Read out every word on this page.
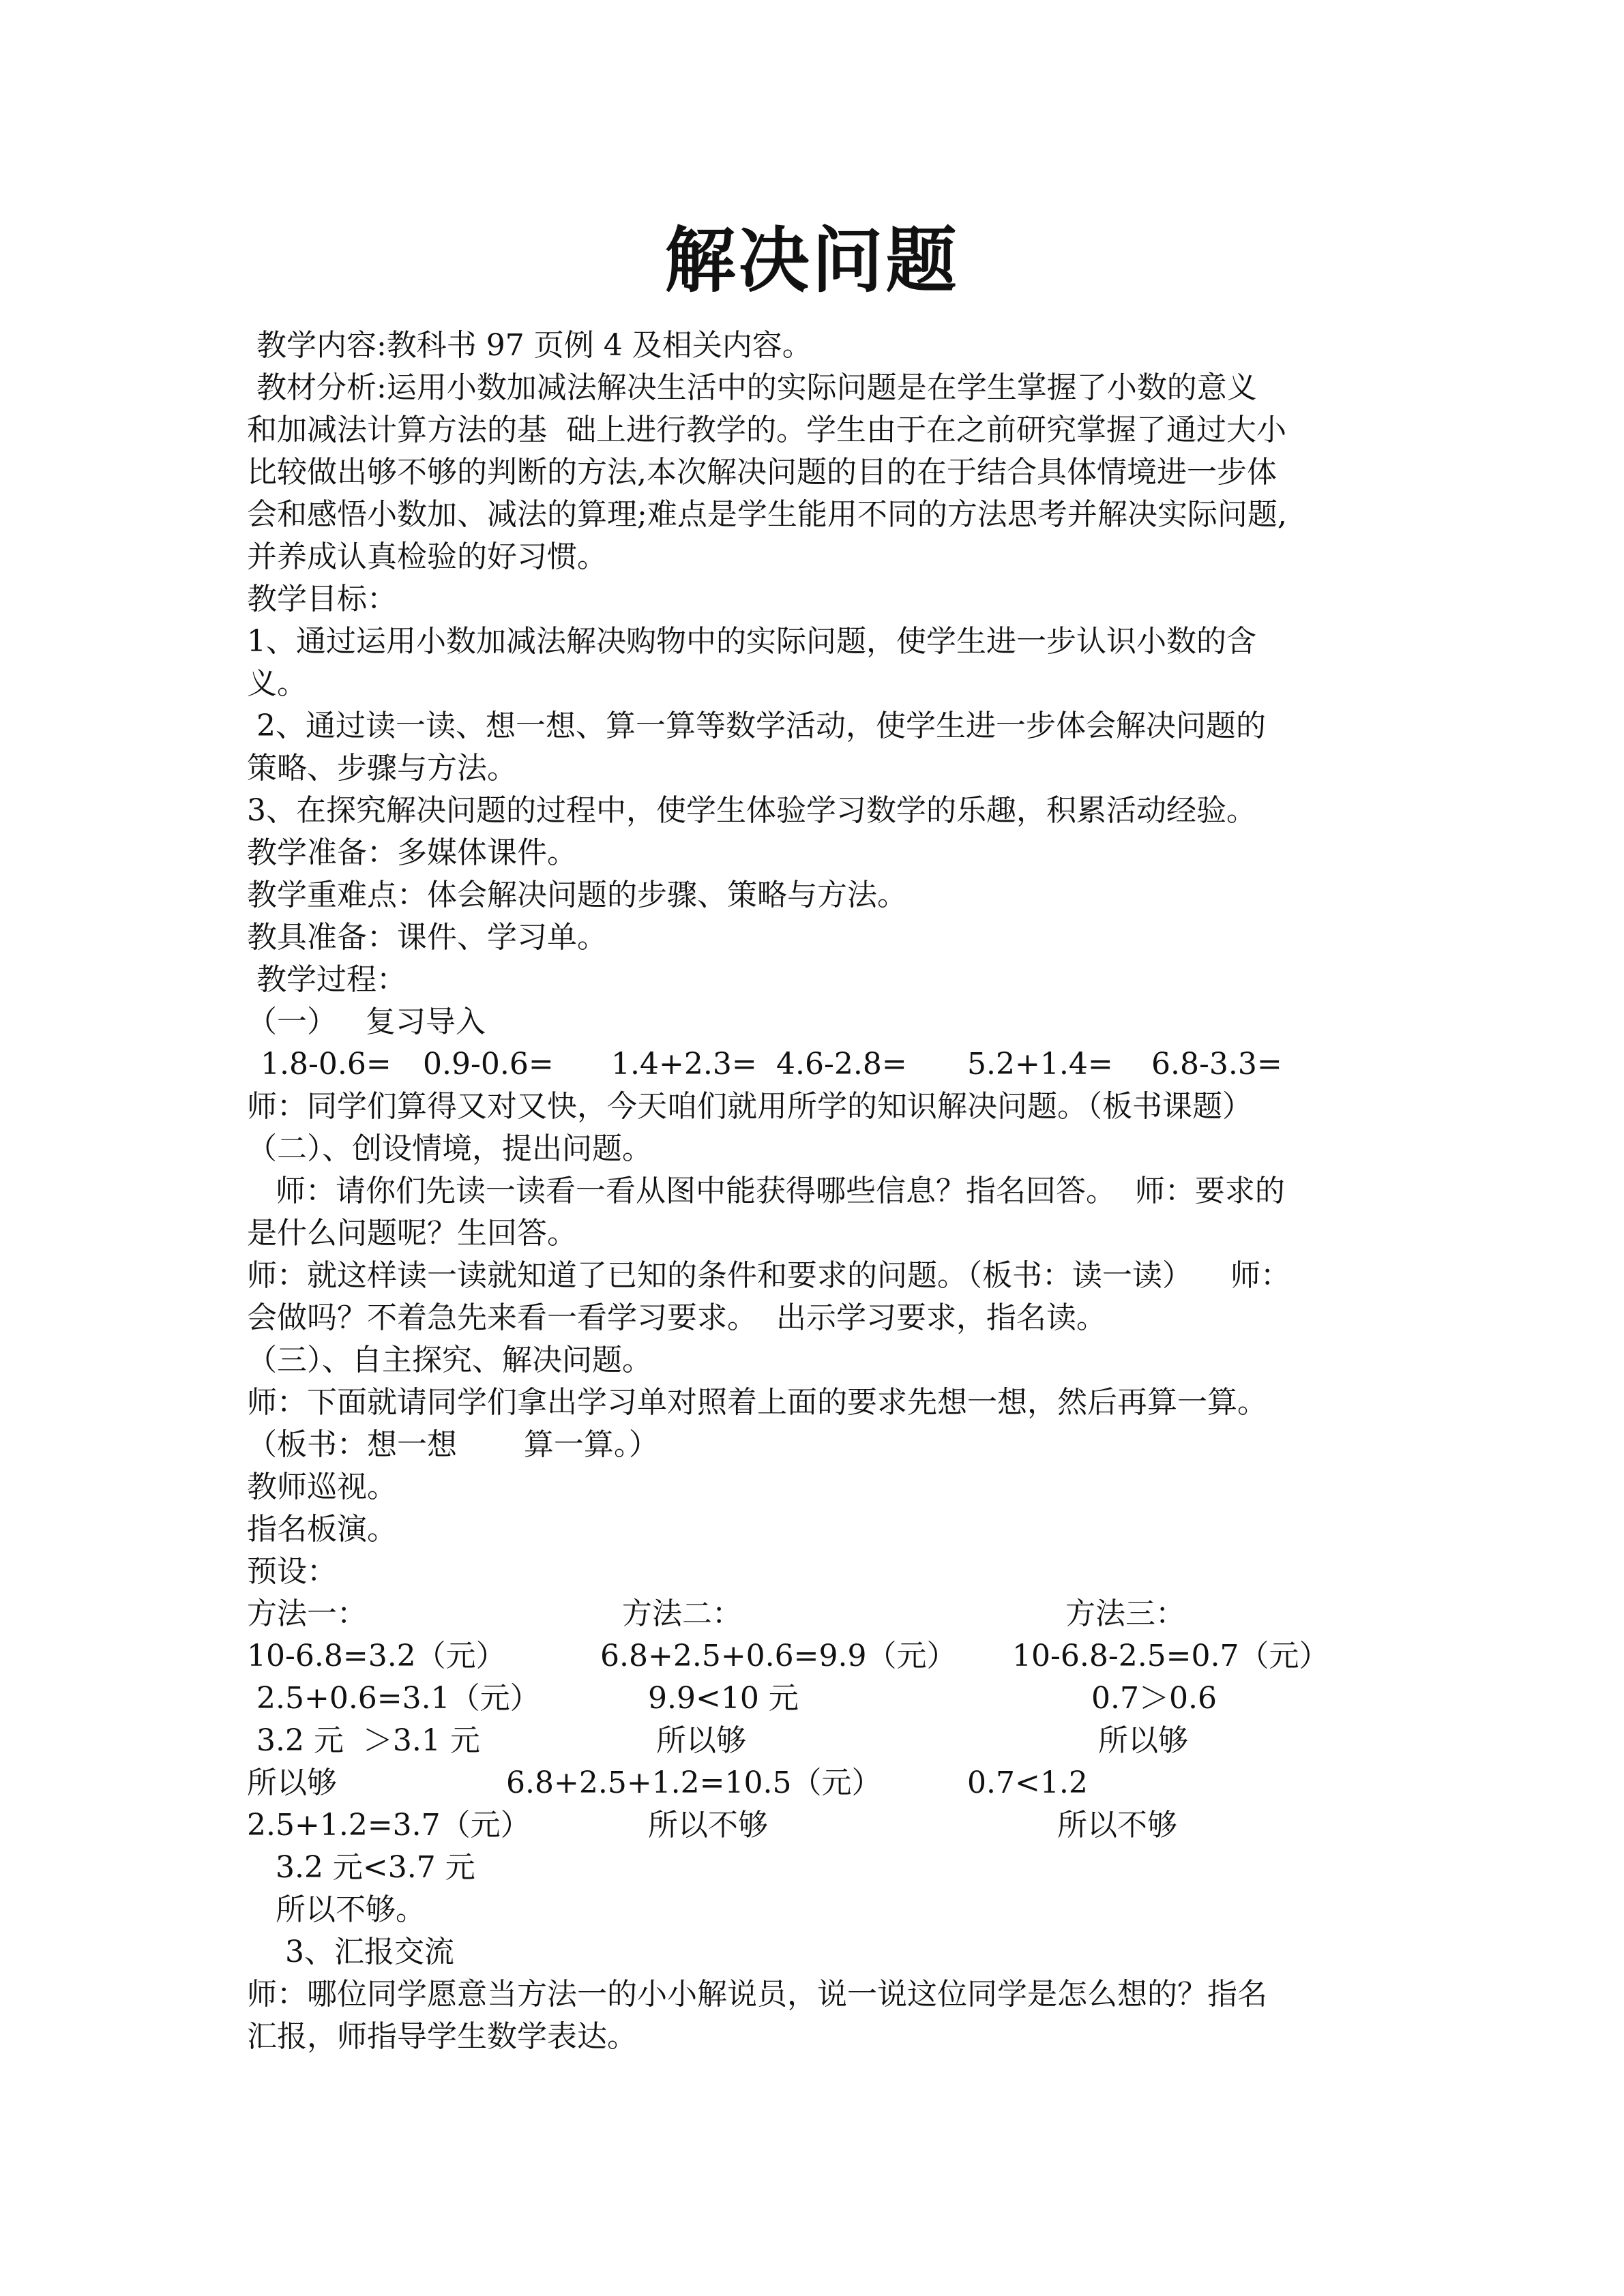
解决问题
教学内容:教科书 97 页例 4 及相关内容。
教材分析:运用小数加减法解决生活中的实际问题是在学生掌握了小数的意义
和加减法计算方法的基  础上进行教学的。学生由于在之前研究掌握了通过大小
比较做出够不够的判断的方法,本次解决问题的目的在于结合具体情境进一步体
会和感悟小数加、减法的算理;难点是学生能用不同的方法思考并解决实际问题,
并养成认真检验的好习惯。
教学目标：
1、通过运用小数加减法解决购物中的实际问题，使学生进一步认识小数的含
义。
2、通过读一读、想一想、算一算等数学活动，使学生进一步体会解决问题的
策略、步骤与方法。
3、在探究解决问题的过程中，使学生体验学习数学的乐趣，积累活动经验。
教学准备：多媒体课件。
教学重难点：体会解决问题的步骤、策略与方法。
教具准备：课件、学习单。
教学过程：
（一）   复习导入
1.8-0.6= 0.9-0.6= 1.4+2.3= 4.6-2.8= 5.2+1.4= 6.8-3.3=
师：同学们算得又对又快，今天咱们就用所学的知识解决问题。（板书课题）
（二）、创设情境，提出问题。
师：请你们先读一读看一看从图中能获得哪些信息？指名回答。  师：要求的
是什么问题呢？生回答。
师：就这样读一读就知道了已知的条件和要求的问题。（板书：读一读）    师：
会做吗？不着急先来看一看学习要求。  出示学习要求，指名读。
（三）、自主探究、解决问题。
师：下面就请同学们拿出学习单对照着上面的要求先想一想，然后再算一算。
（板书：想一想       算一算。）
教师巡视。
指名板演。
预设：
方法一：	方法二：	方法三：
10-6.8=3.2（元）	6.8+2.5+0.6=9.9（元） 10-6.8-2.5=0.7（元）
2.5+0.6=3.1（元）	9.9<10 元	0.7＞0.6
3.2 元  ＞3.1 元	所以够	所以够
所以够	6.8+2.5+1.2=10.5（元）	0.7<1.2
2.5+1.2=3.7（元）	所以不够	所以不够
3.2 元<3.7 元
所以不够。
3、汇报交流
师：哪位同学愿意当方法一的小小解说员，说一说这位同学是怎么想的？指名
汇报，师指导学生数学表达。
